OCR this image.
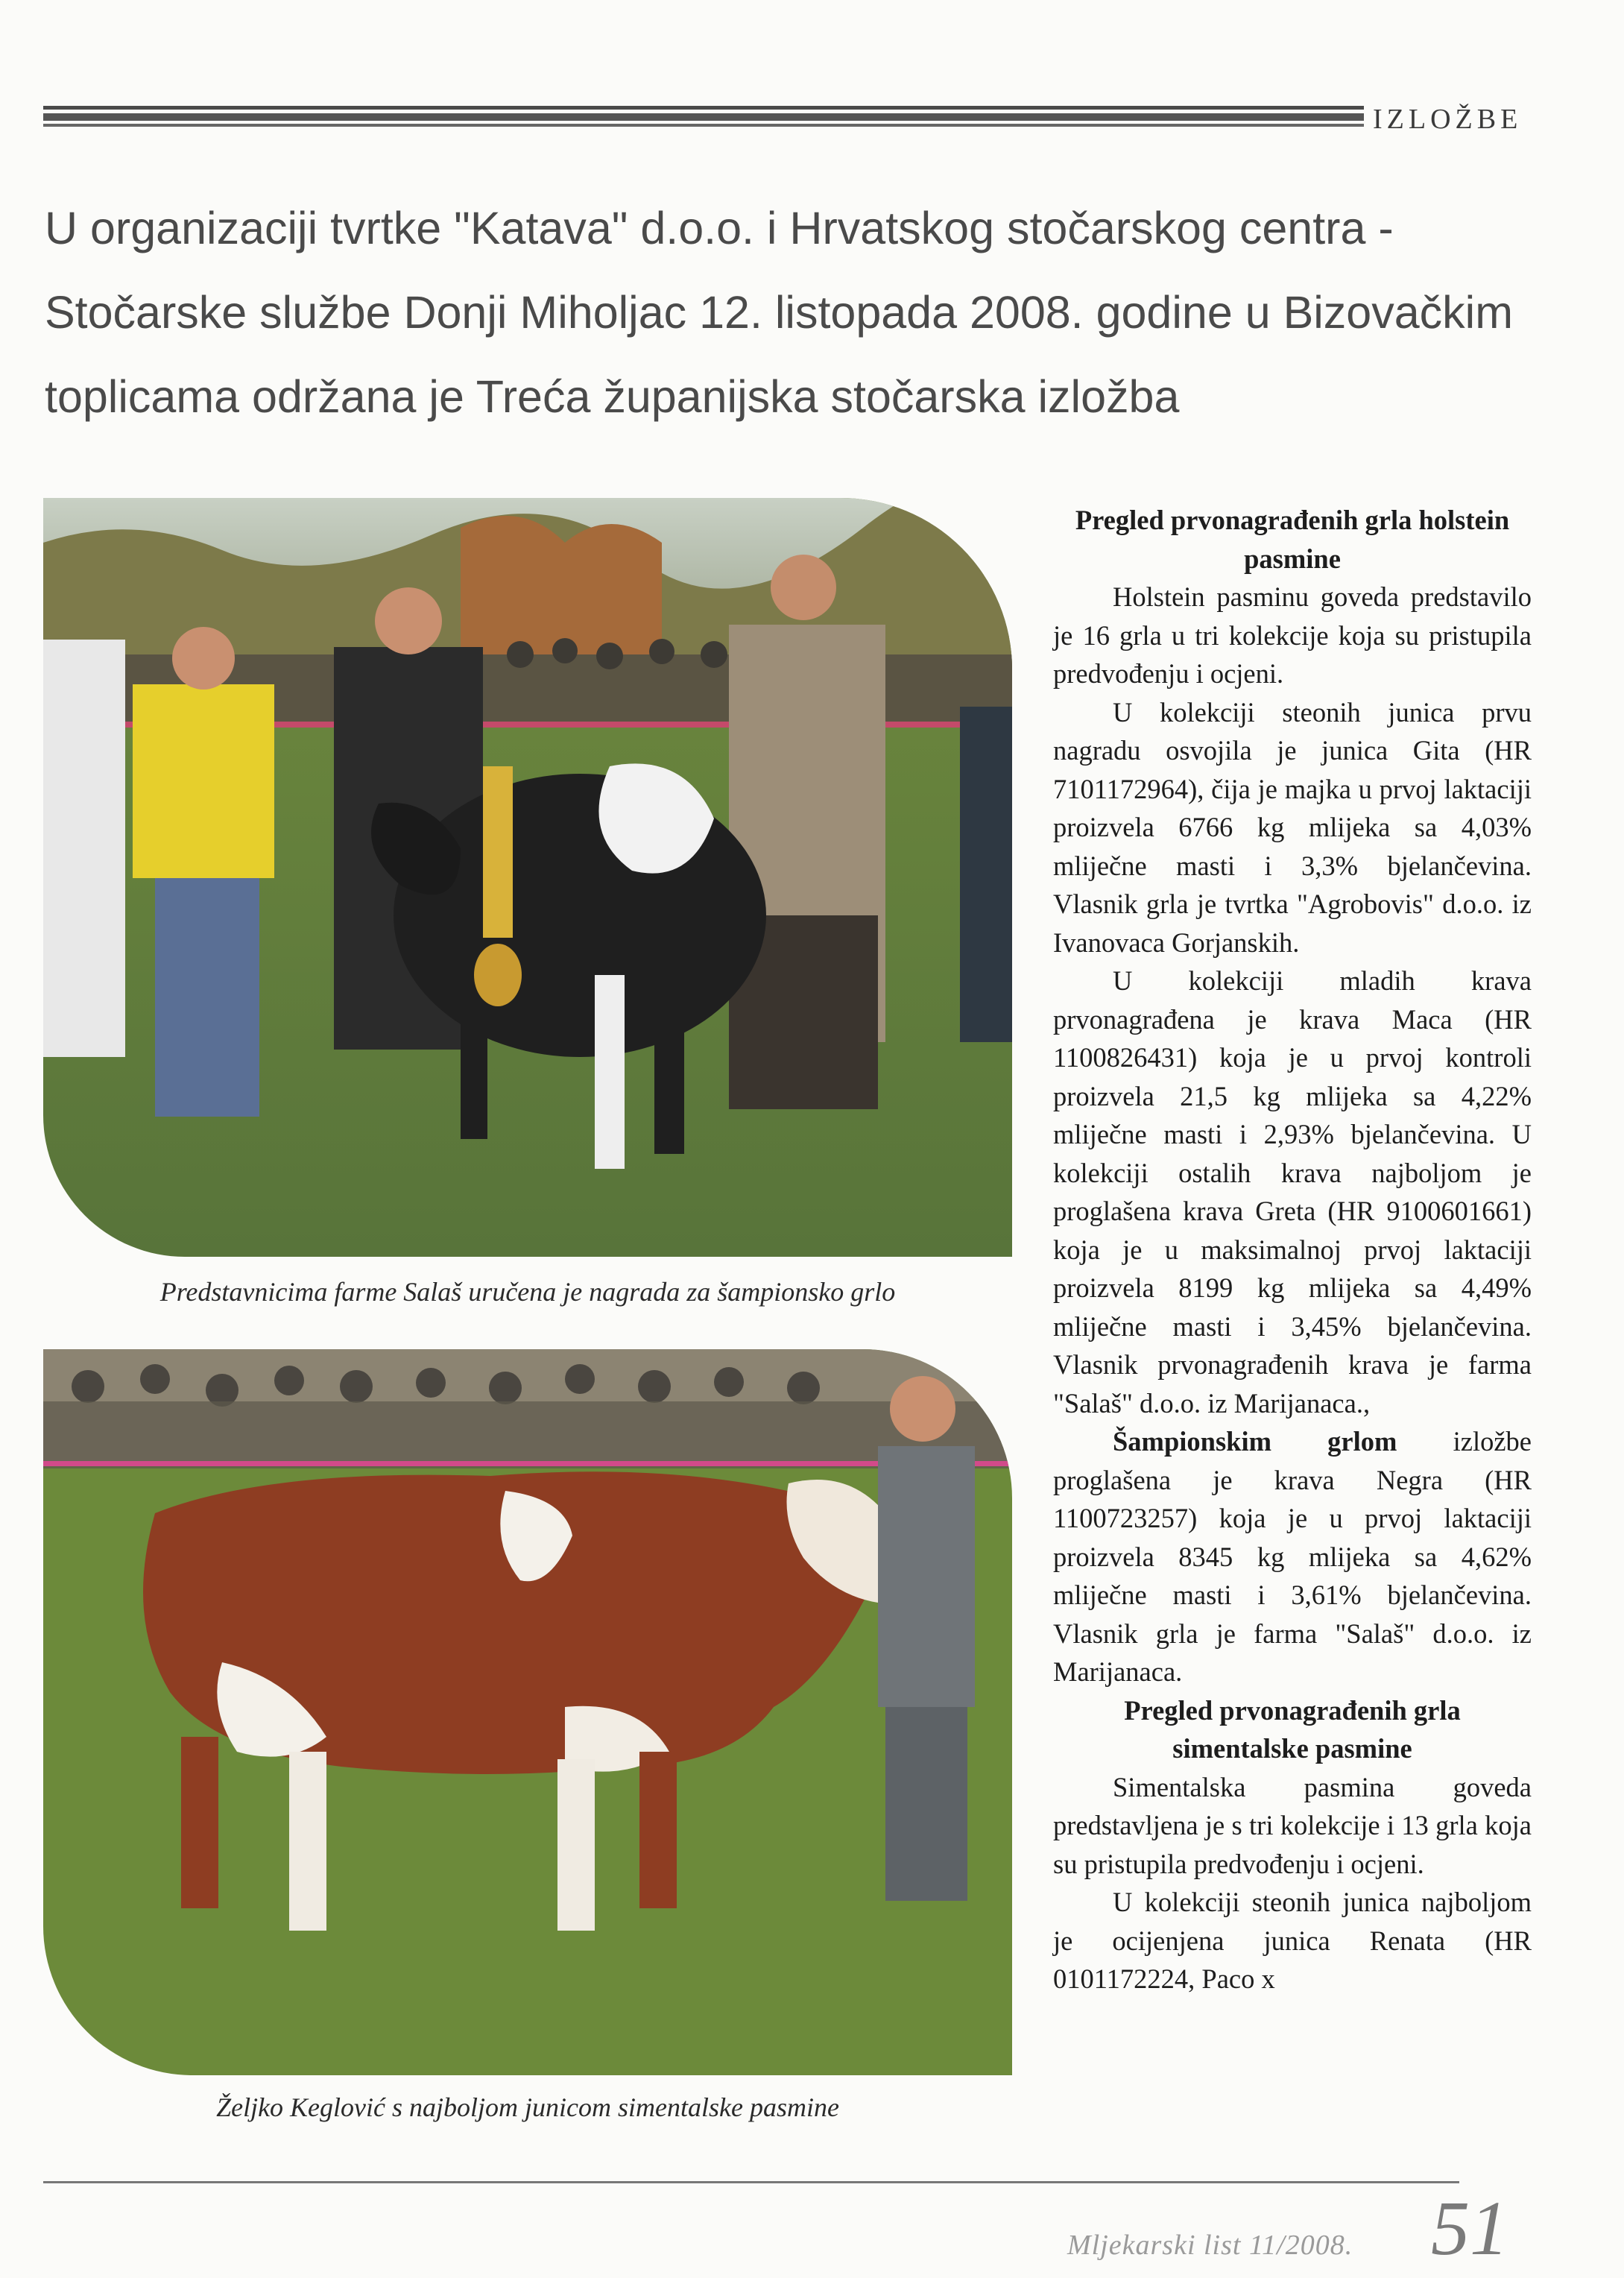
IZLOŽBE
U organizaciji tvrtke "Katava" d.o.o. i Hrvatskog stočarskog centra - Stočarske službe Donji Miholjac 12. listopada 2008. godine u Bizovačkim toplicama održana je Treća županijska stočarska izložba
Predstavnicima farme Salaš uručena je nagrada za šampionsko grlo
Željko Keglović s najboljom junicom simentalske pasmine
Pregled prvonagrađenih grla holstein pasmine

Holstein pasminu goveda predstavilo je 16 grla u tri kolekcije koja su pristupila predvođenju i ocjeni.

U kolekciji steonih junica prvu nagradu osvojila je junica Gita (HR 7101172964), čija je majka u prvoj laktaciji proizvela 6766 kg mlijeka sa 4,03% mliječne masti i 3,3% bjelančevina. Vlasnik grla je tvrtka "Agrobovis" d.o.o. iz Ivanovaca Gorjanskih.

U kolekciji mladih krava prvonagrađena je krava Maca (HR 1100826431) koja je u prvoj kontroli proizvela 21,5 kg mlijeka sa 4,22% mliječne masti i 2,93% bjelančevina. U kolekciji ostalih krava najboljom je proglašena krava Greta (HR 9100601661) koja je u maksimalnoj prvoj laktaciji proizvela 8199 kg mlijeka sa 4,49% mliječne masti i 3,45% bjelančevina. Vlasnik prvonagrađenih krava je farma "Salaš" d.o.o. iz Marijanaca.,

Šampionskim grlom izložbe proglašena je krava Negra (HR 1100723257) koja je u prvoj laktaciji proizvela 8345 kg mlijeka sa 4,62% mliječne masti i 3,61% bjelančevina. Vlasnik grla je farma "Salaš" d.o.o. iz Marijanaca.

Pregled prvonagrađenih grla simentalske pasmine

Simentalska pasmina goveda predstavljena je s tri kolekcije i 13 grla koja su pristupila predvođenju i ocjeni.

U kolekciji steonih junica najboljom je ocijenjena junica Renata (HR 0101172224, Paco x

Mljekarski list 11/2008. 51
